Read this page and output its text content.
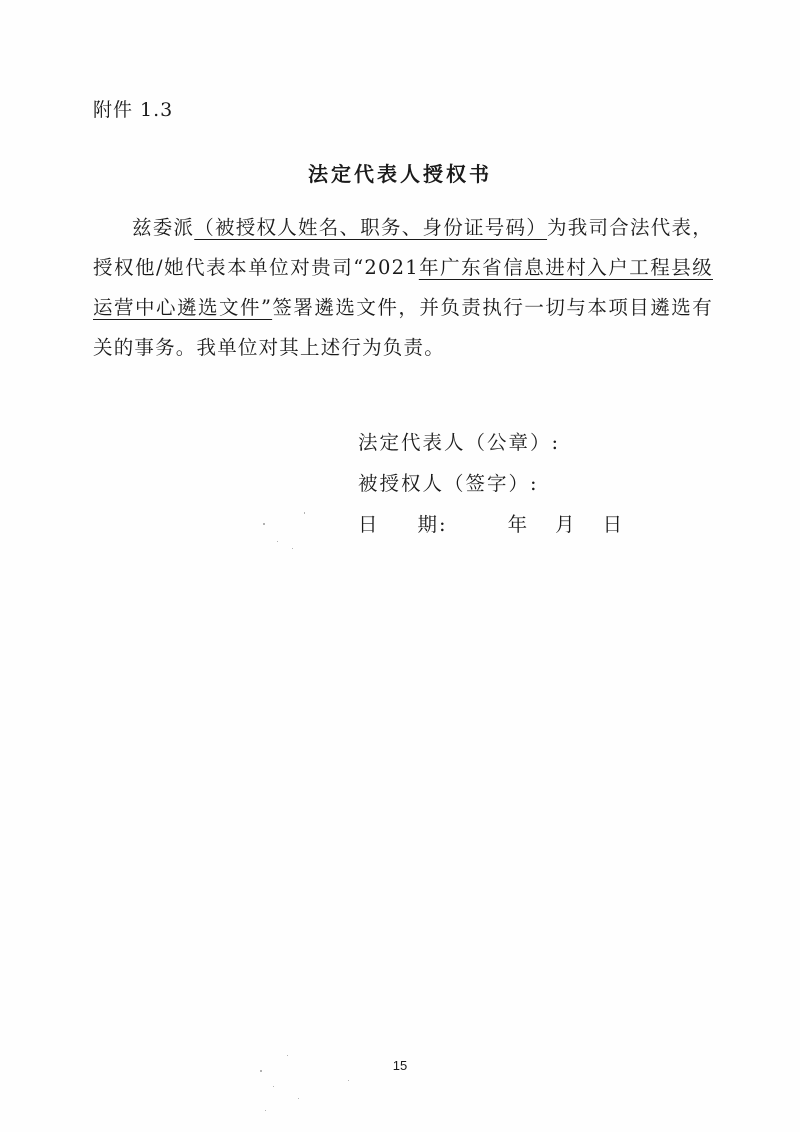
附件 1.3
法定代表人授权书
兹委派（被授权人姓名、职务、身份证号码）为我司合法代表，授权他/她代表本单位对贵司“2021年广东省信息进村入户工程县级运营中心遴选文件”签署遴选文件，并负责执行一切与本项目遴选有关的事务。我单位对其上述行为负责。
法定代表人（公章）:
被授权人（签字）:
日 期:	年 月 日
15
